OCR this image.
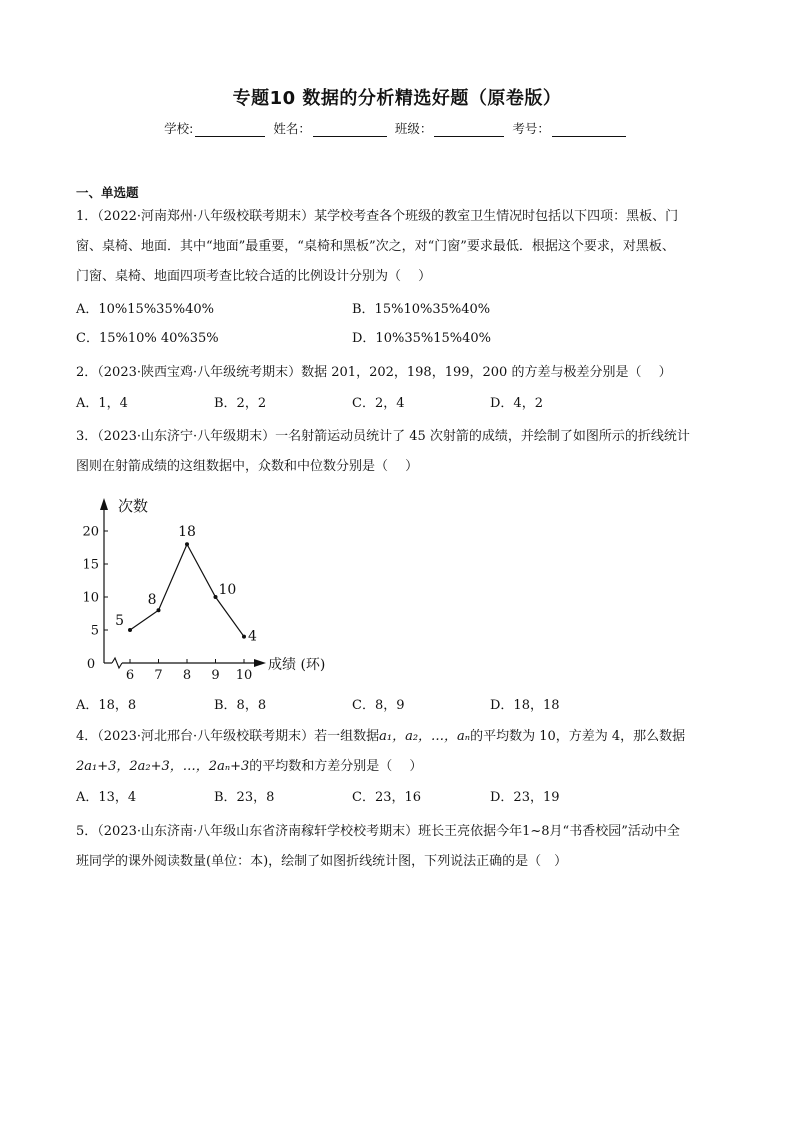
专题10 数据的分析精选好题（原卷版）
学校:	姓名：	班级：	考号：
一、单选题
1．（2022·河南郑州·八年级校联考期末）某学校考查各个班级的教室卫生情况时包括以下四项：黑板、门
窗、桌椅、地面．其中“地面”最重要，“桌椅和黑板”次之，对“门窗”要求最低．根据这个要求，对黑板、
门窗、桌椅、地面四项考查比较合适的比例设计分别为（　 ）
A．10%15%35%40%	B．15%10%35%40%
C．15%10% 40%35%	D．10%35%15%40%
2．（2023·陕西宝鸡·八年级统考期末）数据 201，202，198，199，200 的方差与极差分别是（　 ）
A．1，4	B．2，2	C．2，4	D．4，2
3．（2023·山东济宁·八年级期末）一名射箭运动员统计了 45 次射箭的成绩，并绘制了如图所示的折线统计
图则在射箭成绩的这组数据中，众数和中位数分别是（　 ）
次数
成绩 (环)
0
5
10
15
20
6 7 8 9 10
5
8
18
10
4
A．18，8	B．8，8	C．8，9	D．18，18
4．（2023·河北邢台·八年级校联考期末）若一组数据a₁，a₂，…，aₙ的平均数为 10，方差为 4，那么数据
2a₁+3，2a₂+3，…，2aₙ+3的平均数和方差分别是（　 ）
A．13，4	B．23，8	C．23，16	D．23，19
5．（2023·山东济南·八年级山东省济南稼轩学校校考期末）班长王亮依据今年1~8月“书香校园”活动中全
班同学的课外阅读数量(单位：本)，绘制了如图折线统计图，下列说法正确的是（　）
